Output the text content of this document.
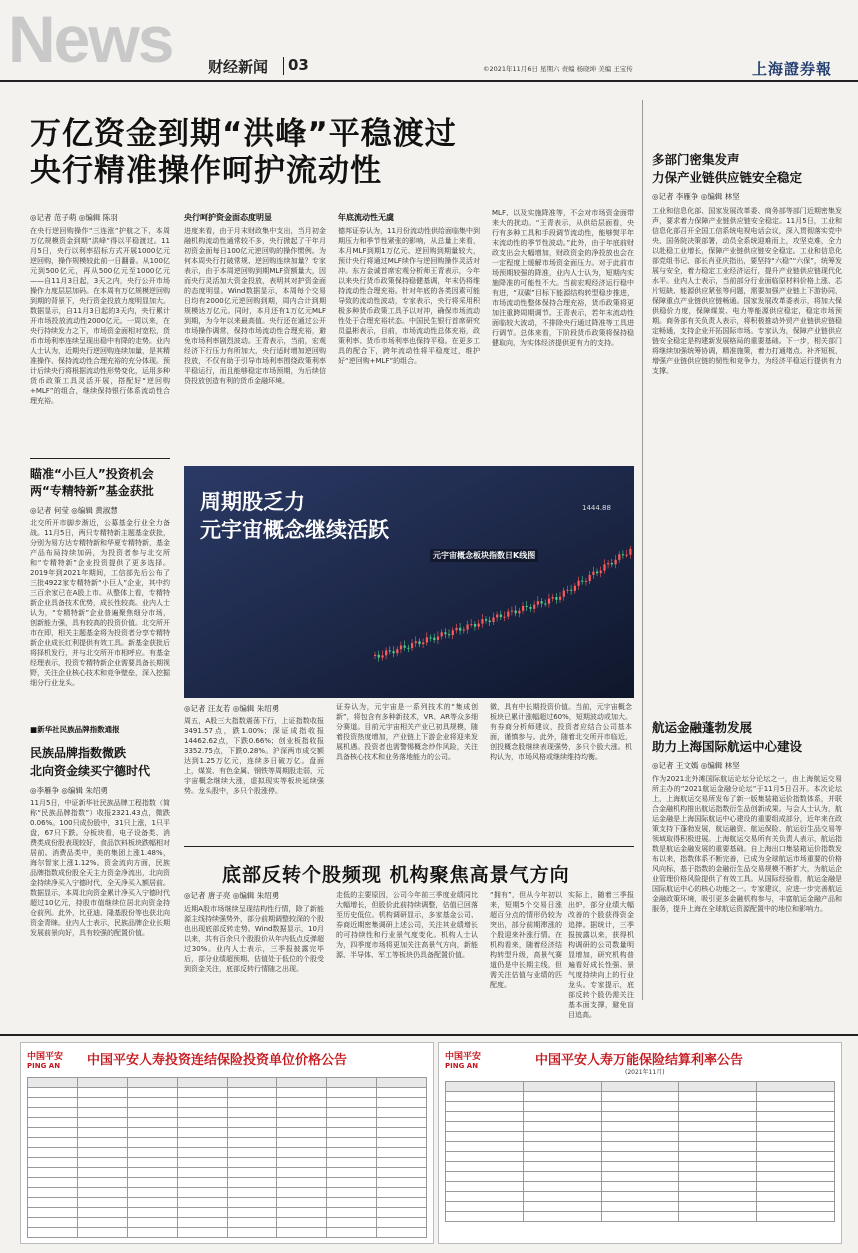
News 财经新闻 03	©2021年11月6日 星期六 责编 杨晓坤 美编 王宝传	上海證券報
万亿资金到期“洪峰”平稳渡过
央行精准操作呵护流动性
◎记者 范子萌 ◎编辑 陈羽
在央行逆回购操作“三连涨”护航之下，本周万亿规模资金到期“洪峰”得以平稳渡过。11月5日，央行以利率招标方式开展1000亿元逆回购，操作规模较此前一日翻番。从100亿元到500亿元，再从500亿元至1000亿元——自11月3日起，3天之内，央行公开市场操作力度层层加码。在本周有万亿规模逆回购到期的背景下，央行资金投放力度明显加大。数据显示，自11月3日起的3天内，央行累计开市场投放流动性2000亿元。一周以来，在央行持续发力之下，市场资金面相对宽松，货币市场利率连续呈现出稳中有降的走势。业内人士认为，近期央行逆回购连续加量，是其精准操作、保持流动性合理充裕的充分体现。预计后续央行将根据流动性形势变化，运用多种货币政策工具灵活开展，搭配好“逆回购+MLF”的组合，继续保持银行体系流动性合理充裕。
央行呵护资金面态度明显
进度来看，由于月末财政集中支出，当月初金融机构流动性通常较不多，央行掀起了干年月初资金面每日100亿元逆回购的操作惯例。为何本周央行打破常规、逆回购连续加量？专家表示，由于本周逆回购到期MLF资额量大，因而央行灵活加大资金投放，表明其对护资金面的态度明显。Wind数据显示，本周每个交易日均有2000亿元逆回购到期，周内合计到期规模达万亿元。同时，本月还有1万亿元MLF到期，为今年以来最高值。央行还在通过公开市场操作调常，保持市场流动性合理充裕，避免市场利率剧烈波动。王青表示，当前，宏观经济下行压力有所加大，央行适时增加逆回购投放，不仅有助于引导市场利率围绕政策利率平稳运行，而且能够稳定市场预期，为后续信贷投放创造有利的货币金融环境。
年底流动性无虞
德邦证券认为，11月份流动性供给面临集中到期压力和季节性紧张的影响，从总量上来看，本月MLF到期1万亿元、逆回购到期量较大，预计央行将通过MLF续作与逆回购操作灵活对冲。东方金诚首席宏观分析师王青表示，今年以来央行货币政策保持稳健基调，年末仍将维持流动性合理充裕。针对年底的各类因素可能导致的流动性波动，专家表示，央行将采用积极多种货币政策工具予以对冲，确保市场流动性处于合理充裕状态。中国民生银行首席研究员温彬表示，目前，市场流动性总体充裕，政策利率、货币市场利率也保持平稳。在更多工具的配合下，跨年流动性将平稳度过，维护好“逆回购+MLF”的组合。
MLF、以及实施降准等，不会对市场资金面带来大的扰动。“王青表示，从供给层面看，央行有多种工具和手段调节流动性，能够熨平年末流动性的季节性波动。”此外，由于年底前财政支出会大幅增加，财政资金的净投放也会在一定程度上缓解市场资金面压力。对于此前市场预期较强的降准，业内人士认为，短期内实施降准的可能性不大。当前宏观经济运行稳中有进，“双碳”目标下能源结构转型稳步推进，市场流动性整体保持合理充裕，货币政策将更加注重跨周期调节。王青表示，若年末流动性面临较大波动，不排除央行通过降准等工具进行调节。总体来看，下阶段货币政策将保持稳健取向，为实体经济提供更有力的支持。
多部门密集发声
力保产业链供应链安全稳定
◎记者 李雁争 ◎编辑 林坚
工业和信息化部、国家发展改革委、商务部等部门近期密集发声，要求着力保障产业链供应链安全稳定。11月5日，工业和信息化部召开全国工信系统电视电话会议，深入贯彻落实党中央、国务院决策部署，动员全系统迎难而上，攻坚克难，全力以赴稳工业增长，保障产业链供应链安全稳定。工业和信息化部党组书记、部长肖亚庆指出，要坚持“六稳”“六保”，统筹发展与安全，着力稳定工业经济运行，提升产业链供应链现代化水平。业内人士表示，当前部分行业面临原材料价格上涨、芯片短缺、能源供应紧张等问题，需要加强产业链上下游协同，保障重点产业链供应链畅通。国家发展改革委表示，将加大保供稳价力度，保障煤炭、电力等能源供应稳定，稳定市场预期。商务部有关负责人表示，将积极推动外贸产业链供应链稳定畅通，支持企业开拓国际市场。专家认为，保障产业链供应链安全稳定是构建新发展格局的重要基础。下一步，相关部门将继续加强统筹协调，精准施策，着力打通堵点、补齐短板，增强产业链供应链的韧性和竞争力，为经济平稳运行提供有力支撑。
航运金融蓬勃发展
助力上海国际航运中心建设
◎记者 王文嫣 ◎编辑 林坚
作为2021北外滩国际航运论坛分论坛之一，由上海航运交易所主办的“2021航运金融分论坛”于11月5日召开。本次论坛上，上海航运交易所发布了新一版集装箱运价指数体系，并联合金融机构推出航运指数衍生品创新成果。与会人士认为，航运金融是上海国际航运中心建设的重要组成部分，近年来在政策支持下蓬勃发展，航运融资、航运保险、航运衍生品交易等领域取得积极进展。上海航运交易所有关负责人表示，航运指数是航运金融发展的重要基础。自上海出口集装箱运价指数发布以来，指数体系不断完善，已成为全球航运市场重要的价格风向标，基于指数的金融衍生品交易规模不断扩大，为航运企业管理价格风险提供了有效工具。从国际经验看，航运金融是国际航运中心的核心功能之一。专家建议，应进一步完善航运金融政策环境，吸引更多金融机构参与，丰富航运金融产品和服务，提升上海在全球航运资源配置中的地位和影响力。
瞄准“小巨人”投资机会
两“专精特新”基金获批
◎记者 何莹 ◎编辑 黄淑慧
北交所开市脚步渐近，公募基金行业全力备战。11月5日，两只专精特新主题基金获批，分别为易方达专精特新和华夏专精特新，基金产品布局持续加码，为投资者参与北交所和“专精特新”企业投资提供了更多选择。2019年到2021年期间，工信部先后公布了三批4922家专精特新“小巨人”企业，其中约三百余家已在A股上市。从整体上看，专精特新企业具备技术优势，成长性较高。业内人士认为，“专精特新”企业普遍聚焦细分市场，创新能力强，具有较高的投资价值。北交所开市在即，相关主题基金将为投资者分享专精特新企业成长红利提供有效工具。新基金获批后将择机发行，并与北交所开市相呼应。有基金经理表示，投资专精特新企业需要具备长期视野，关注企业核心技术和竞争壁垒，深入挖掘细分行业龙头。
■新华社民族品牌指数通报
民族品牌指数微跌
北向资金续买宁德时代
◎李雁争 ◎编辑 朱绍勇
11月5日，中证新华社民族品牌工程指数（简称“民族品牌指数”）收报2321.43点，微跌0.06%。100只成份股中，31只上涨，1只平盘，67只下跌。分板块看，电子设备类、消费类成份股表现较好，食品饮料板块跌幅相对居前。消费品类中，美的集团上涨1.48%，海尔智家上涨1.12%。资金流向方面，民族品牌指数成份股全天主力资金净流出，北向资金持续净买入宁德时代，全天净买入额居前。数据显示，本周北向资金累计净买入宁德时代超过10亿元，持股市值继续位居北向资金持仓前列。此外，比亚迪、隆基股份等也获北向资金青睐。业内人士表示，民族品牌企业长期发展前景向好，具有较强的配置价值。
周期股乏力
元宇宙概念继续活跃
元宇宙概念板块指数日K线图
1444.88
◎记者 汪友若 ◎编辑 朱绍勇
周五，A股三大指数震荡下行，上证指数收报3491.57点，跌1.00%；深证成指收报14462.62点，下跌0.66%；创业板指收报3352.75点，下跌0.28%。沪深两市成交额达到1.25万亿元，连续多日破万亿。盘面上，煤炭、有色金属、钢铁等周期股走弱，元宇宙概念继续大涨，虚拟现实等板块延续强势。龙头股中，多只个股涨停。
证券认为，元宇宙是一系列技术的“集成创新”，将包含有多种新技术，VR、AR等众多细分赛道。目前元宇宙相关产业已初具规模，随着投资热度增加，产业链上下游企业将迎来发展机遇。投资者也需警惕概念炒作风险，关注具备核心技术和业务落地能力的公司。
微，具有中长期投资价值。当前，元宇宙概念板块已累计涨幅超过60%，短期波动或加大。有券商分析师建议，投资者应结合公司基本面，谨慎参与。此外，随着北交所开市临近，创投概念股继续表现强势，多只个股大涨。机构认为，市场风格或继续维持均衡。
底部反转个股频现 机构聚焦高景气方向
◎记者 唐子亮 ◎编辑 朱绍勇
近期A股市场继续呈现结构性行情，除了新能源主线持续强势外，部分前期调整较深的个股也出现底部反转走势。Wind数据显示，10月以来，共有百余只个股股价从年内低点反弹超过30%。业内人士表示，三季报披露完毕后，部分业绩超预期、估值处于低位的个股受到资金关注，底部反转行情随之出现。
走低的主要原因，公司今年前三季度业绩同比大幅增长，但股价此前持续调整，估值已回落至历史低位。机构调研显示，多家基金公司、券商近期密集调研上述公司，关注其业绩增长的可持续性和行业景气度变化。机构人士认为，四季度市场将更加关注高景气方向，新能源、半导体、军工等板块仍具备配置价值。
“拥有”，但从今年初以来，短期5个交易日涨超百分点的情形仍较为突出，部分前期滞涨的个股迎来补涨行情。在机构看来，随着经济结构转型升级，高景气赛道仍是中长期主线，但需关注估值与业绩的匹配度。
实际上，随着三季报出炉，部分业绩大幅改善的个股获得资金追捧。据统计，三季报披露以来，获得机构调研的公司数量明显增加，研究机构普遍看好成长性强、景气度持续向上的行业龙头。专家提示，底部反转个股仍需关注基本面支撑，避免盲目追高。
中国平安
PING AN 中国平安人寿投资连结保险投资单位价格公告

								中国平安
PING AN	中国平安人寿万能保险结算利率公告
(2021年11月)
